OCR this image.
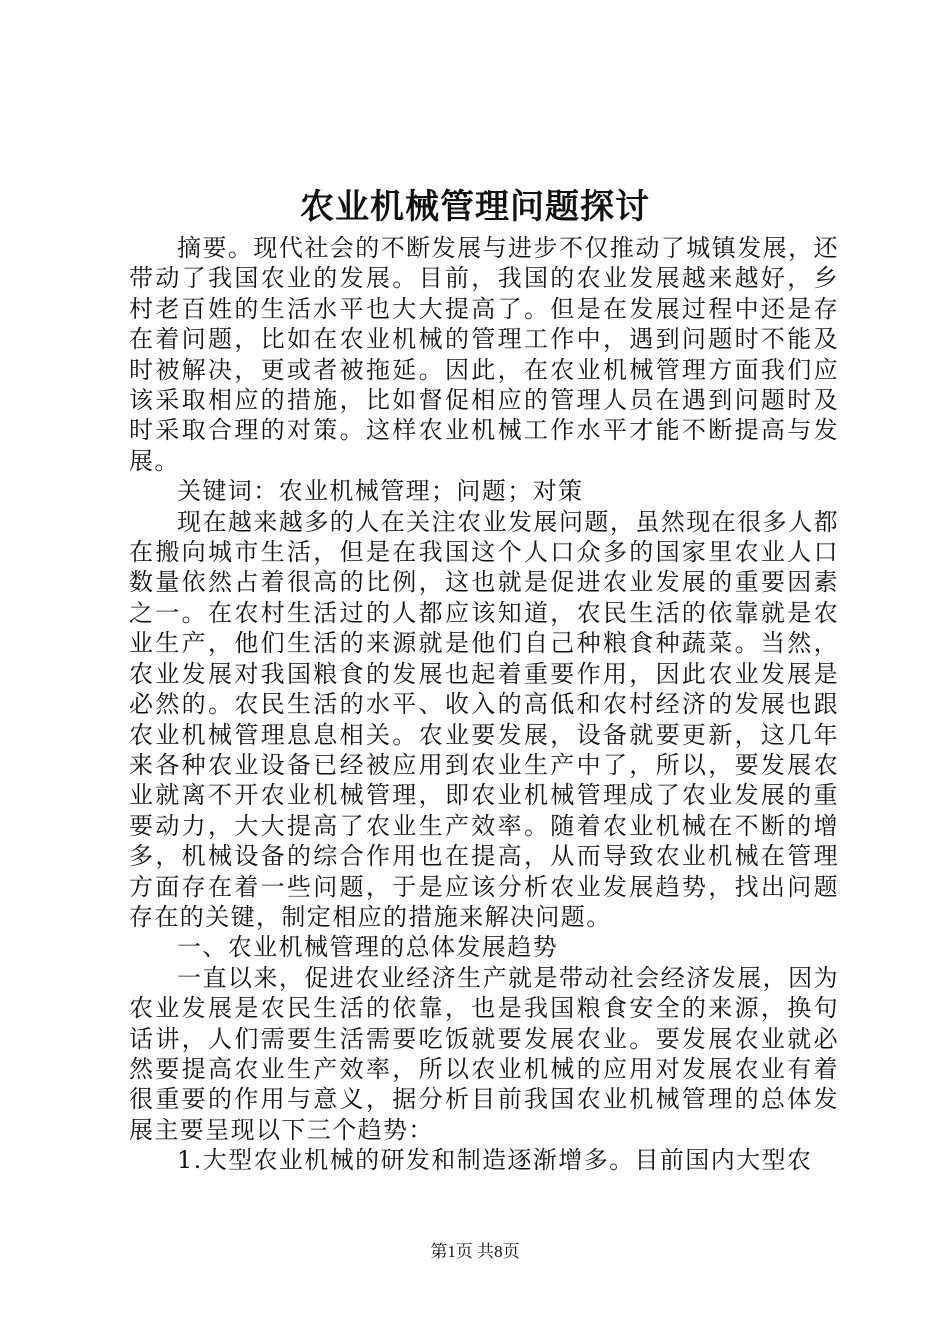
农业机械管理问题探讨

摘要。现代社会的不断发展与进步不仅推动了城镇发展，还带动了我国农业的发展。目前，我国的农业发展越来越好，乡村老百姓的生活水平也大大提高了。但是在发展过程中还是存在着问题，比如在农业机械的管理工作中，遇到问题时不能及时被解决，更或者被拖延。因此，在农业机械管理方面我们应该采取相应的措施，比如督促相应的管理人员在遇到问题时及时采取合理的对策。这样农业机械工作水平才能不断提高与发展。

关键词：农业机械管理；问题；对策

现在越来越多的人在关注农业发展问题，虽然现在很多人都在搬向城市生活，但是在我国这个人口众多的国家里农业人口数量依然占着很高的比例，这也就是促进农业发展的重要因素之一。在农村生活过的人都应该知道，农民生活的依靠就是农业生产，他们生活的来源就是他们自己种粮食种蔬菜。当然，农业发展对我国粮食的发展也起着重要作用，因此农业发展是必然的。农民生活的水平、收入的高低和农村经济的发展也跟农业机械管理息息相关。农业要发展，设备就要更新，这几年来各种农业设备已经被应用到农业生产中了，所以，要发展农业就离不开农业机械管理，即农业机械管理成了农业发展的重要动力，大大提高了农业生产效率。随着农业机械在不断的增多，机械设备的综合作用也在提高，从而导致农业机械在管理方面存在着一些问题，于是应该分析农业发展趋势，找出问题存在的关键，制定相应的措施来解决问题。

一、农业机械管理的总体发展趋势

一直以来，促进农业经济生产就是带动社会经济发展，因为农业发展是农民生活的依靠，也是我国粮食安全的来源，换句话讲，人们需要生活需要吃饭就要发展农业。要发展农业就必然要提高农业生产效率，所以农业机械的应用对发展农业有着很重要的作用与意义，据分析目前我国农业机械管理的总体发展主要呈现以下三个趋势：

1.大型农业机械的研发和制造逐渐增多。目前国内大型农

第1页 共8页
